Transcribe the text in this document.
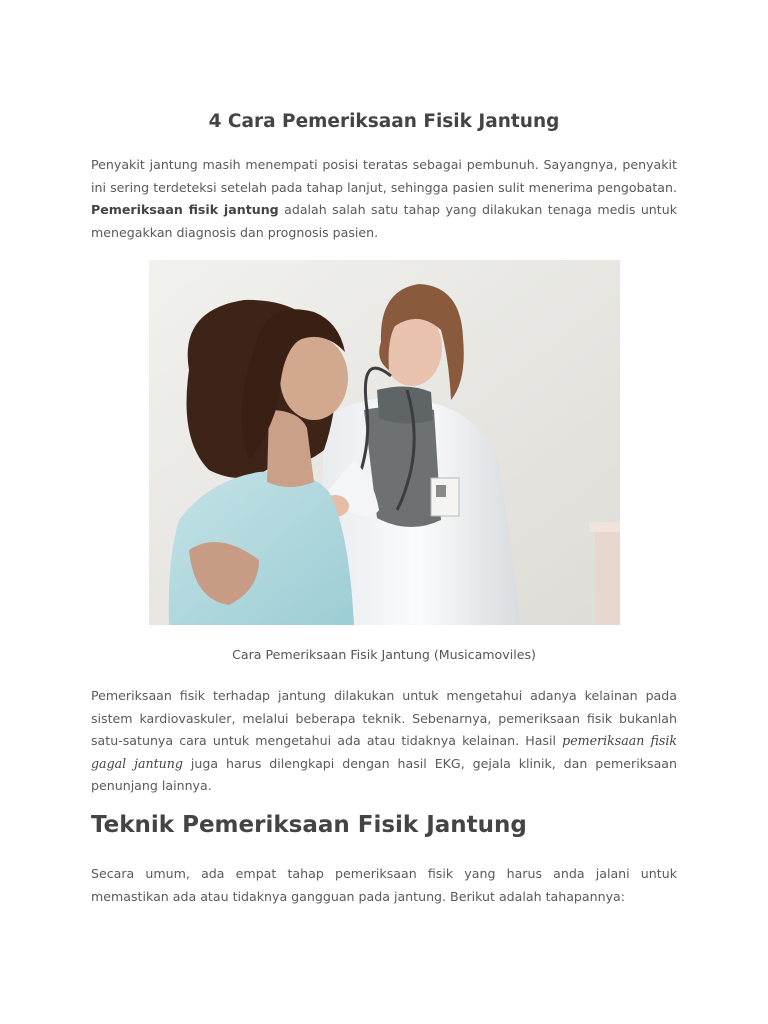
4 Cara Pemeriksaan Fisik Jantung

Penyakit jantung masih menempati posisi teratas sebagai pembunuh. Sayangnya, penyakit ini sering terdeteksi setelah pada tahap lanjut, sehingga pasien sulit menerima pengobatan. Pemeriksaan fisik jantung adalah salah satu tahap yang dilakukan tenaga medis untuk menegakkan diagnosis dan prognosis pasien.

Cara Pemeriksaan Fisik Jantung (Musicamoviles)

Pemeriksaan fisik terhadap jantung dilakukan untuk mengetahui adanya kelainan pada sistem kardiovaskuler, melalui beberapa teknik. Sebenarnya, pemeriksaan fisik bukanlah satu-satunya cara untuk mengetahui ada atau tidaknya kelainan. Hasil pemeriksaan fisik gagal jantung juga harus dilengkapi dengan hasil EKG, gejala klinik, dan pemeriksaan penunjang lainnya.

Teknik Pemeriksaan Fisik Jantung

Secara umum, ada empat tahap pemeriksaan fisik yang harus anda jalani untuk memastikan ada atau tidaknya gangguan pada jantung. Berikut adalah tahapannya:
